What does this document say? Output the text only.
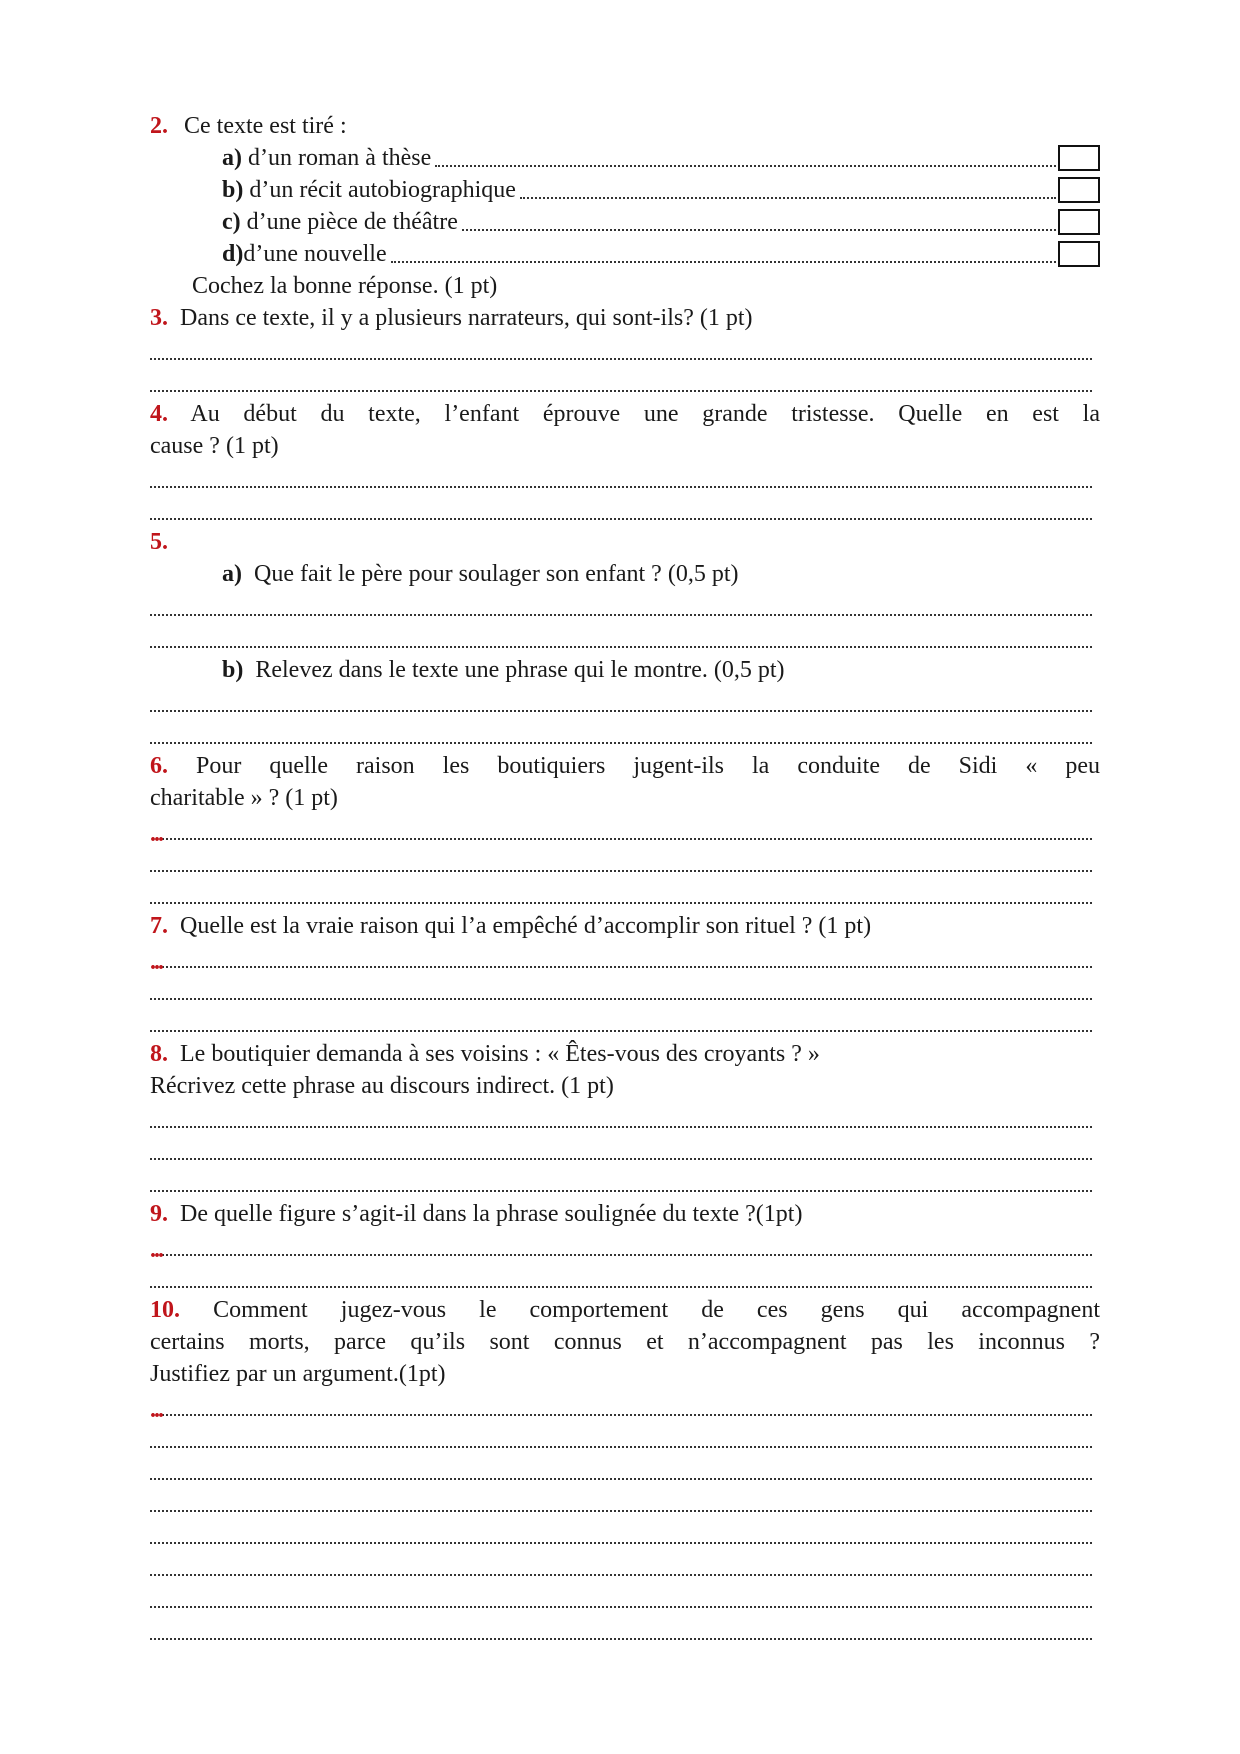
2. Ce texte est tiré :
a)
d’un roman à thèse
b)
d’un récit autobiographique
c)
d’une pièce de théâtre
d) d’une nouvelle
Cochez la bonne réponse. (1 pt)
3. Dans ce texte, il y a plusieurs narrateurs, qui sont-ils? (1 pt)
4. Au début du texte, l’enfant éprouve une grande tristesse. Quelle en est la
cause ? (1 pt)
5.
a) Que fait le père pour soulager son enfant ? (0,5 pt)
b) Relevez dans le texte une phrase qui le montre. (0,5 pt)
6. Pour quelle raison les boutiquiers jugent-ils la conduite de Sidi « peu
charitable » ? (1 pt)
...
7. Quelle est la vraie raison qui l’a empêché d’accomplir son rituel ? (1 pt)
...
8. Le boutiquier demanda à ses voisins : « Êtes-vous des croyants ? »
Récrivez cette phrase au discours indirect. (1 pt)
9. De quelle figure s’agit-il dans la phrase soulignée du texte ?(1pt)
...
10. Comment jugez-vous le comportement de ces gens qui accompagnent
certains morts, parce qu’ils sont connus et n’accompagnent pas les inconnus ?
Justifiez par un argument.(1pt)
...
